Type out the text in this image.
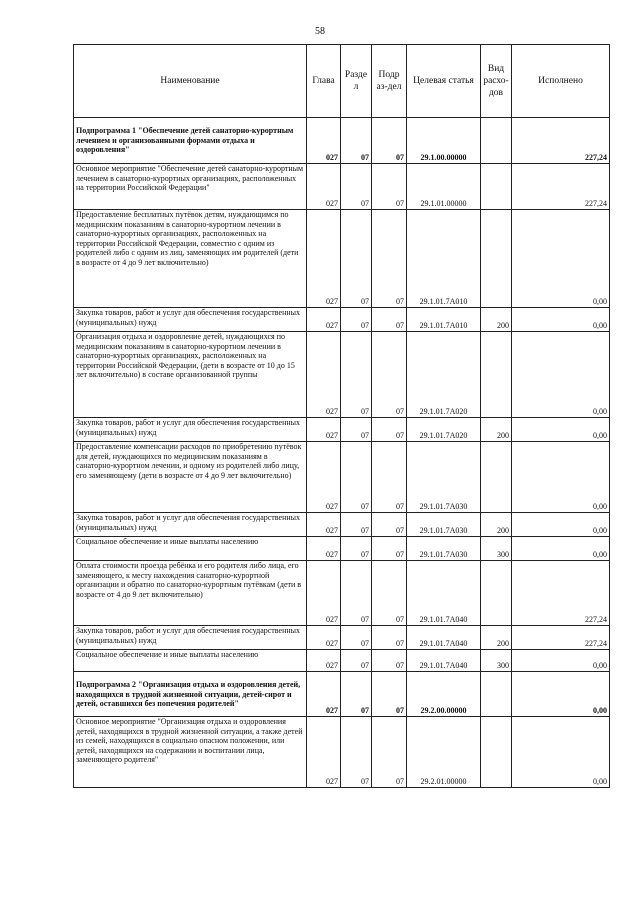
58
Наименование	Глава	Разде л	Подр аз-дел	Целевая статья	Вид расхо-дов	Исполнено
Подпрограмма 1 "Обеспечение детей санаторно-курортным лечением и организованными формами отдыха и оздоровления"	027	07	07	29.1.00.00000		227,24
Основное мероприятие "Обеспечение детей санаторно-курортным лечением в санаторно-курортных организациях, расположенных на территории Российской Федерации"	027	07	07	29.1.01.00000		227,24
Предоставление бесплатных путёвок детям, нуждающимся по медицинским показаниям в санаторно-курортном лечении в санаторно-курортных организациях, расположенных на территории Российской Федерации, совместно с одним из родителей либо с одним из лиц, заменяющих им родителей (дети в возрасте от 4 до 9 лет включительно)	027	07	07	29.1.01.7А010		0,00
Закупка товаров, работ и услуг для обеспечения государственных (муниципальных) нужд	027	07	07	29.1.01.7А010	200	0,00
Организация отдыха и оздоровление детей, нуждающихся по медицинским показаниям в санаторно-курортном лечении в санаторно-курортных организациях, расположенных на территории Российской Федерации, (дети в возрасте от 10 до 15 лет включительно) в составе организованной группы	027	07	07	29.1.01.7А020		0,00
Закупка товаров, работ и услуг для обеспечения государственных (муниципальных) нужд	027	07	07	29.1.01.7А020	200	0,00
Предоставление компенсации расходов по приобретению путёвок для детей, нуждающихся по медицинским показаниям в санаторно-курортном лечении, и одному из родителей либо лицу, его заменяющему (дети в возрасте от 4 до 9 лет включительно)	027	07	07	29.1.01.7А030		0,00
Закупка товаров, работ и услуг для обеспечения государственных (муниципальных) нужд	027	07	07	29.1.01.7А030	200	0,00
Социальное обеспечение и иные выплаты населению	027	07	07	29.1.01.7А030	300	0,00
Оплата стоимости проезда ребёнка и его родителя либо лица, его заменяющего, к месту нахождения санаторно-курортной организации и обратно по санаторно-курортным путёвкам (дети в возрасте от 4 до 9 лет включительно)	027	07	07	29.1.01.7А040		227,24
Закупка товаров, работ и услуг для обеспечения государственных (муниципальных) нужд	027	07	07	29.1.01.7А040	200	227,24
Социальное обеспечение и иные выплаты населению	027	07	07	29.1.01.7А040	300	0,00
Подпрограмма 2 "Организация отдыха и оздоровления детей, находящихся в трудной жизненной ситуации, детей-сирот и детей, оставшихся без попечения родителей"	027	07	07	29.2.00.00000		0,00
Основное мероприятие "Организация отдыха и оздоровления детей, находящихся в трудной жизненной ситуации, а также детей из семей, находящихся в социально опасном положении, или детей, находящихся на содержании и воспитании лица, заменяющего родителя"	027	07	07	29.2.01.00000		0,00
